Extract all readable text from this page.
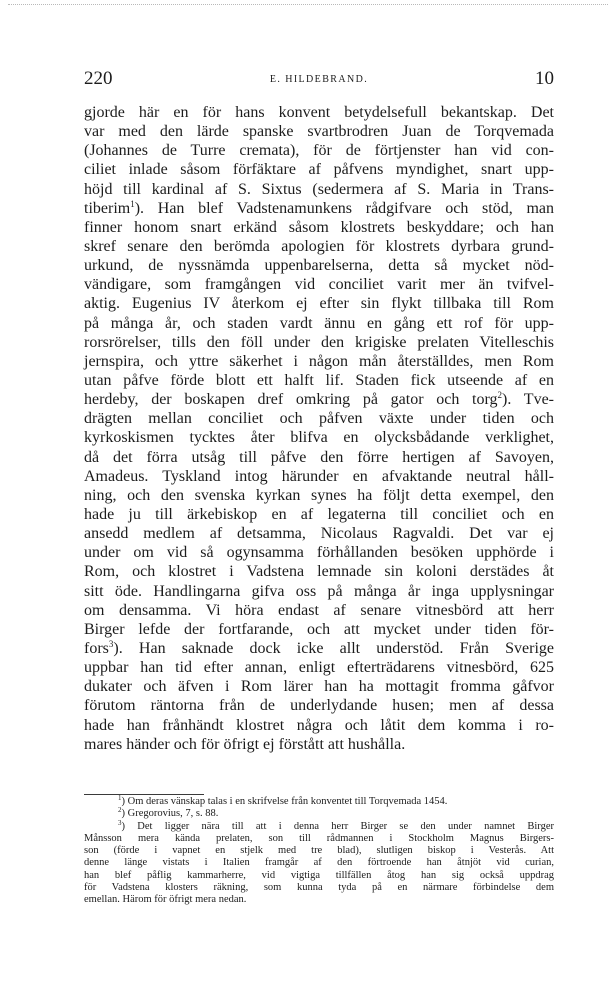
220	E. HILDEBRAND.	10
gjorde här en för hans konvent betydelsefull bekantskap. Det
var med den lärde spanske svartbrodren Juan de Torqvemada
(Johannes de Turre cremata), för de förtjenster han vid con-
ciliet inlade såsom förfäktare af påfvens myndighet, snart upp-
höjd till kardinal af S. Sixtus (sedermera af S. Maria in Trans-
tiberim$^1$). Han blef Vadstenamunkens rådgifvare och stöd, man
finner honom snart erkänd såsom klostrets beskyddare; och han
skref senare den berömda apologien för klostrets dyrbara grund-
urkund, de nyssnämda uppenbarelserna, detta så mycket nöd-
vändigare, som framgången vid conciliet varit mer än tvifvel-
aktig. Eugenius IV återkom ej efter sin flykt tillbaka till Rom
på många år, och staden vardt ännu en gång ett rof för upp-
rorsrörelser, tills den föll under den krigiske prelaten Vitelleschis
jernspira, och yttre säkerhet i någon mån återställdes, men Rom
utan påfve förde blott ett halft lif. Staden fick utseende af en
herdeby, der boskapen dref omkring på gator och torg$^2$). Tve-
drägten mellan conciliet och påfven växte under tiden och
kyrkoskismen tycktes åter blifva en olycksbådande verklighet,
då det förra utsåg till påfve den förre hertigen af Savoyen,
Amadeus. Tyskland intog härunder en afvaktande neutral håll-
ning, och den svenska kyrkan synes ha följt detta exempel, den
hade ju till ärkebiskop en af legaterna till conciliet och en
ansedd medlem af detsamma, Nicolaus Ragvaldi. Det var ej
under om vid så ogynsamma förhållanden besöken upphörde i
Rom, och klostret i Vadstena lemnade sin koloni derstädes åt
sitt öde. Handlingarna gifva oss på många år inga upplysningar
om densamma. Vi höra endast af senare vitnesbörd att herr
Birger lefde der fortfarande, och att mycket under tiden för-
fors$^3$). Han saknade dock icke allt understöd. Från Sverige
uppbar han tid efter annan, enligt efterträdarens vitnesbörd, 625
dukater och äfven i Rom lärer han ha mottagit fromma gåfvor
förutom räntorna från de underlydande husen; men af dessa
hade han frånhändt klostret några och låtit dem komma i ro-
mares händer och för öfrigt ej förstått att hushålla.
$^1$) Om deras vänskap talas i en skrifvelse från konventet till Torqvemada 1454.
$^2$) Gregorovius, 7, s. 88.
$^3$) Det ligger nära till att i denna herr Birger se den under namnet Birger
Månsson mera kända prelaten, son till rådmannen i Stockholm Magnus Birgers-
son (förde i vapnet en stjelk med tre blad), slutligen biskop i Vesterås. Att
denne länge vistats i Italien framgår af den förtroende han åtnjöt vid curian,
han blef påflig kammarherre, vid vigtiga tillfällen åtog han sig också uppdrag
för Vadstena klosters räkning, som kunna tyda på en närmare förbindelse dem
emellan. Härom för öfrigt mera nedan.
